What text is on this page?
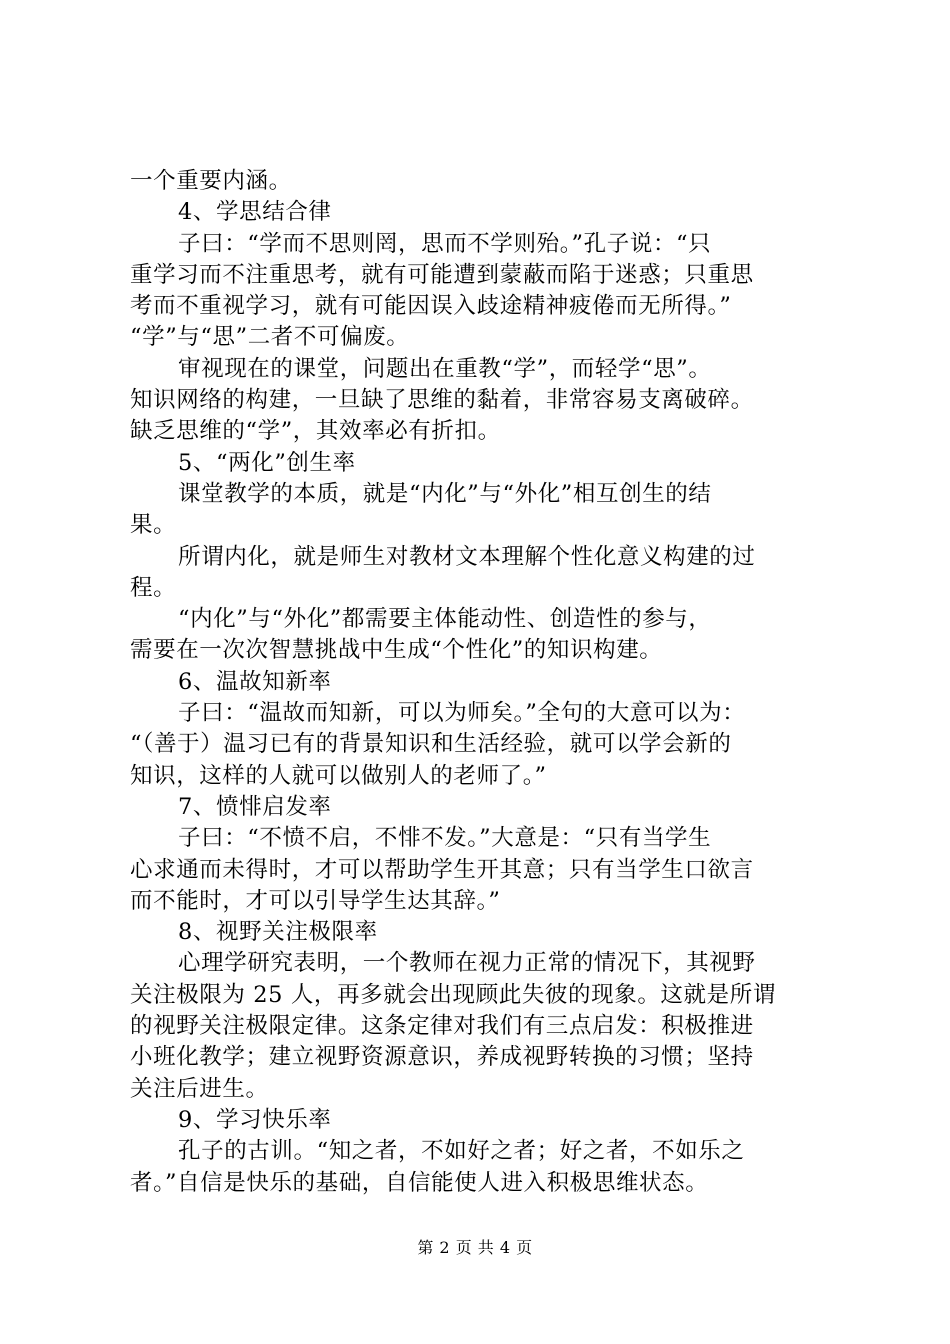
一个重要内涵。
4、学思结合律
子曰：“学而不思则罔，思而不学则殆。”孔子说：“只
重学习而不注重思考，就有可能遭到蒙蔽而陷于迷惑；只重思
考而不重视学习，就有可能因误入歧途精神疲倦而无所得。”
“学”与“思”二者不可偏废。
审视现在的课堂，问题出在重教“学”，而轻学“思”。
知识网络的构建，一旦缺了思维的黏着，非常容易支离破碎。
缺乏思维的“学”，其效率必有折扣。
5、“两化”创生率
课堂教学的本质，就是“内化”与“外化”相互创生的结
果。
所谓内化，就是师生对教材文本理解个性化意义构建的过
程。
“内化”与“外化”都需要主体能动性、创造性的参与，
需要在一次次智慧挑战中生成“个性化”的知识构建。
6、温故知新率
子曰：“温故而知新，可以为师矣。”全句的大意可以为：
“（善于）温习已有的背景知识和生活经验，就可以学会新的
知识，这样的人就可以做别人的老师了。”
7、愤悱启发率
子曰：“不愤不启，不悱不发。”大意是：“只有当学生
心求通而未得时，才可以帮助学生开其意；只有当学生口欲言
而不能时，才可以引导学生达其辞。”
8、视野关注极限率
心理学研究表明，一个教师在视力正常的情况下，其视野
关注极限为 25 人，再多就会出现顾此失彼的现象。这就是所谓
的视野关注极限定律。这条定律对我们有三点启发：积极推进
小班化教学；建立视野资源意识，养成视野转换的习惯；坚持
关注后进生。
9、学习快乐率
孔子的古训。“知之者，不如好之者；好之者，不如乐之
者。”自信是快乐的基础，自信能使人进入积极思维状态。
第 2 页 共 4 页
